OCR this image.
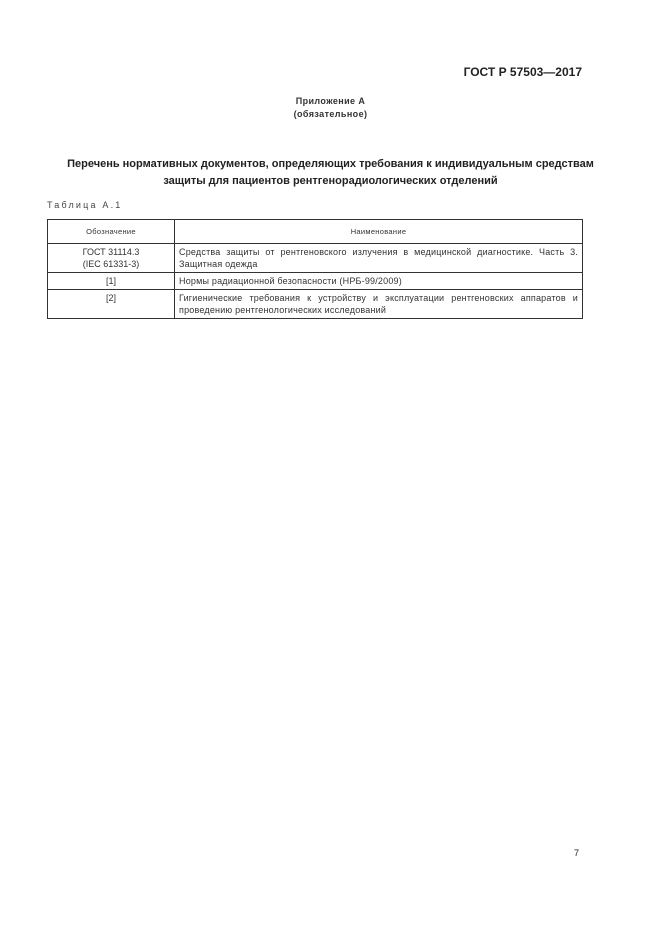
ГОСТ Р 57503—2017
Приложение А
(обязательное)
Перечень нормативных документов, определяющих требования к индивидуальным средствам
защиты для пациентов рентгенорадиологических отделений
Таблица А.1
Обозначение	Наименование
ГОСТ 31114.3
(IEC 61331-3)	Средства защиты от рентгеновского излучения в медицинской диагностике. Часть 3. Защитная одежда
[1]	Нормы радиационной безопасности (НРБ-99/2009)
[2]	Гигиенические требования к устройству и эксплуатации рентгеновских аппаратов и проведению рентгенологических исследований
7
